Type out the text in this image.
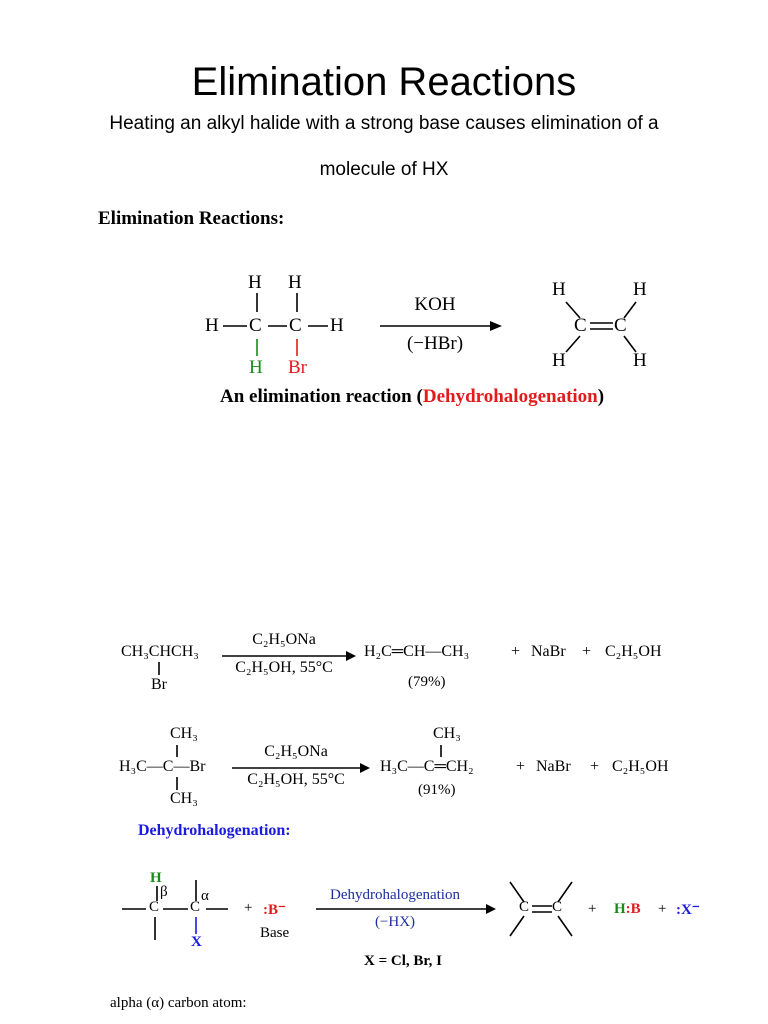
Elimination Reactions
Heating an alkyl halide with a strong base causes elimination of a
molecule of HX
Elimination Reactions:
H H
H C C H
H Br
KOH
(−HBr)
H	H
C C
H	H
An elimination reaction (Dehydrohalogenation)
CH₃CHCH₃
Br
C₂H₅ONa
C₂H₅OH, 55°C
H₂C═CH—CH₃	+ NaBr + C₂H₅OH
(79%)
CH₃
H₃C—C—Br
CH₃
C₂H₅ONa
C₂H₅OH, 55°C
CH₃
H₃C—C═CH₂	+ NaBr + C₂H₅OH
(91%)
Dehydrohalogenation:
H
β α
C C
X
+ :B⁻
Base
Dehydrohalogenation
(−HX)
C C + H:B + :X⁻
X = Cl, Br, I
alpha (α) carbon atom:
